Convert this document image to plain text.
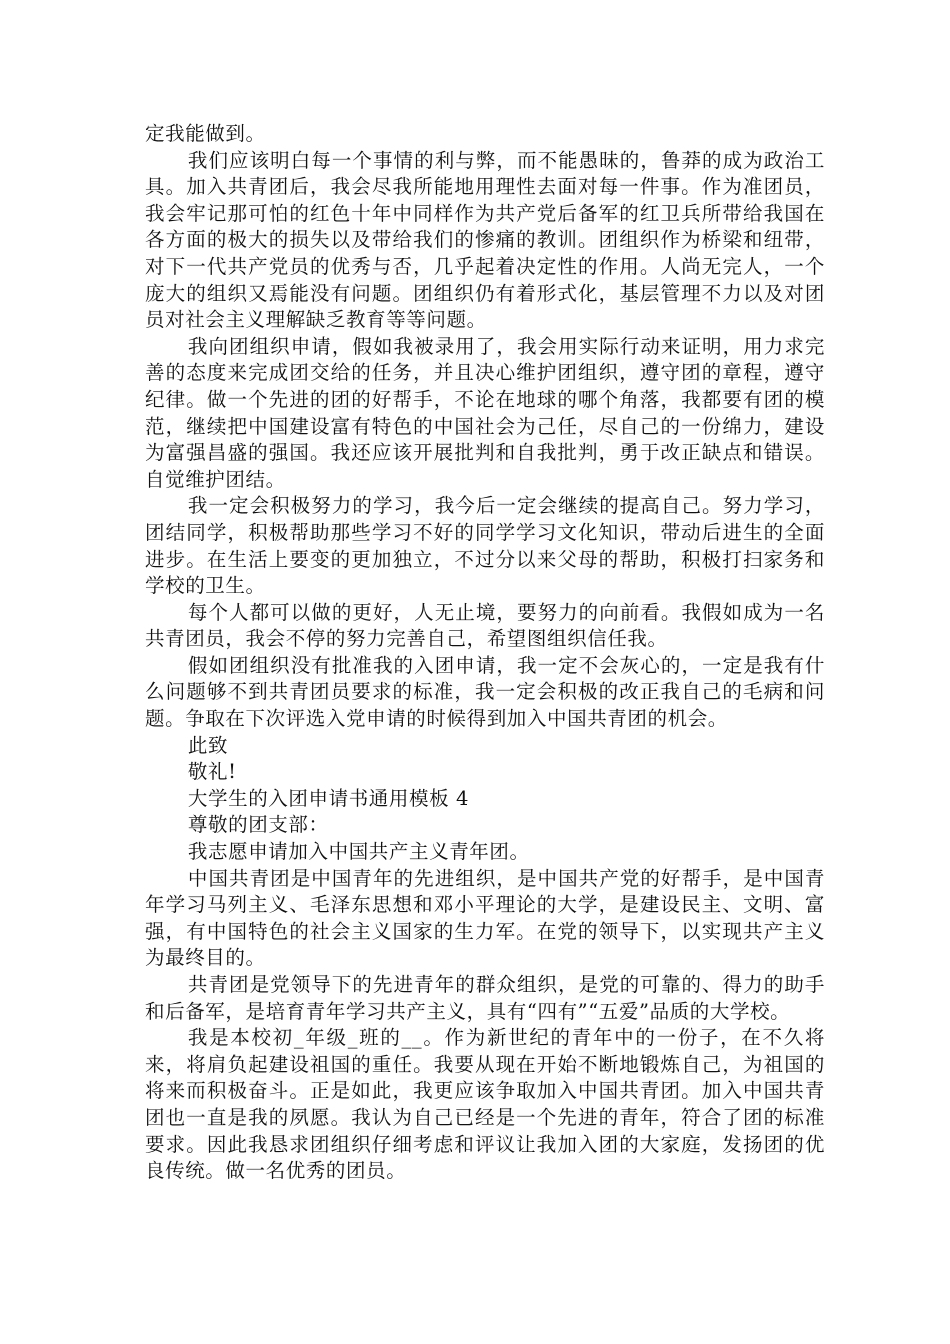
定我能做到。

我们应该明白每一个事情的利与弊，而不能愚昧的，鲁莽的成为政治工具。加入共青团后，我会尽我所能地用理性去面对每一件事。作为准团员，我会牢记那可怕的红色十年中同样作为共产党后备军的红卫兵所带给我国在各方面的极大的损失以及带给我们的惨痛的教训。团组织作为桥梁和纽带，对下一代共产党员的优秀与否，几乎起着决定性的作用。人尚无完人，一个庞大的组织又焉能没有问题。团组织仍有着形式化，基层管理不力以及对团员对社会主义理解缺乏教育等等问题。

我向团组织申请，假如我被录用了，我会用实际行动来证明，用力求完善的态度来完成团交给的任务，并且决心维护团组织，遵守团的章程，遵守纪律。做一个先进的团的好帮手，不论在地球的哪个角落，我都要有团的模范，继续把中国建设富有特色的中国社会为己任，尽自己的一份绵力，建设为富强昌盛的强国。我还应该开展批判和自我批判，勇于改正缺点和错误。自觉维护团结。

我一定会积极努力的学习，我今后一定会继续的提高自己。努力学习，团结同学，积极帮助那些学习不好的同学学习文化知识，带动后进生的全面进步。在生活上要变的更加独立，不过分以来父母的帮助，积极打扫家务和学校的卫生。

每个人都可以做的更好，人无止境，要努力的向前看。我假如成为一名共青团员，我会不停的努力完善自己，希望图组织信任我。

假如团组织没有批准我的入团申请，我一定不会灰心的，一定是我有什么问题够不到共青团员要求的标准，我一定会积极的改正我自己的毛病和问题。争取在下次评选入党申请的时候得到加入中国共青团的机会。

此致

敬礼!

大学生的入团申请书通用模板 4

尊敬的团支部：

我志愿申请加入中国共产主义青年团。

中国共青团是中国青年的先进组织，是中国共产党的好帮手，是中国青年学习马列主义、毛泽东思想和邓小平理论的大学，是建设民主、文明、富强，有中国特色的社会主义国家的生力军。在党的领导下，以实现共产主义为最终目的。

共青团是党领导下的先进青年的群众组织，是党的可靠的、得力的助手和后备军，是培育青年学习共产主义，具有“四有”“五爱”品质的大学校。

我是本校初_年级_班的__。作为新世纪的青年中的一份子，在不久将来，将肩负起建设祖国的重任。我要从现在开始不断地锻炼自己，为祖国的将来而积极奋斗。正是如此，我更应该争取加入中国共青团。加入中国共青团也一直是我的夙愿。我认为自己已经是一个先进的青年，符合了团的标准要求。因此我恳求团组织仔细考虑和评议让我加入团的大家庭，发扬团的优良传统。做一名优秀的团员。
